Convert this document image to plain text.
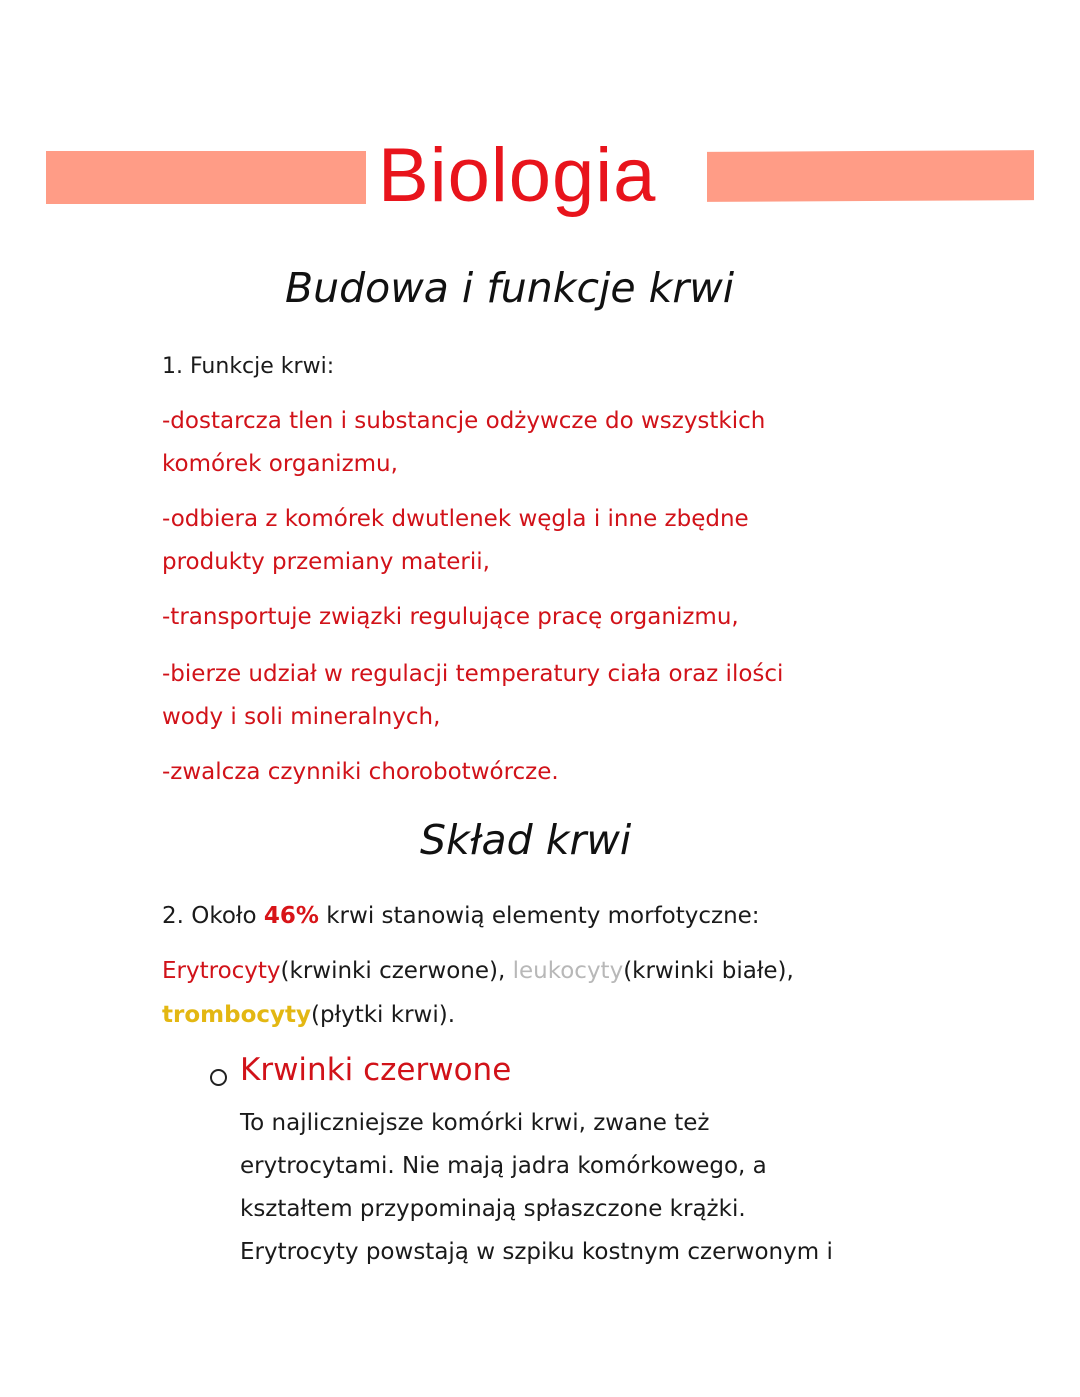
Biologia
Budowa i funkcje krwi
1. Funkcje krwi:
-dostarcza tlen i substancje odżywcze do wszystkich
komórek organizmu,
-odbiera z komórek dwutlenek węgla i inne zbędne
produkty przemiany materii,
-transportuje związki regulujące pracę organizmu,
-bierze udział w regulacji temperatury ciała oraz ilości
wody i soli mineralnych,
-zwalcza czynniki chorobotwórcze.
Skład krwi
2. Około 46% krwi stanowią elementy morfotyczne:
Erytrocyty(krwinki czerwone), leukocyty(krwinki białe),
trombocyty(płytki krwi).
Krwinki czerwone
To najliczniejsze komórki krwi, zwane też
erytrocytami. Nie mają jadra komórkowego, a
kształtem przypominają spłaszczone krążki.
Erytrocyty powstają w szpiku kostnym czerwonym i
